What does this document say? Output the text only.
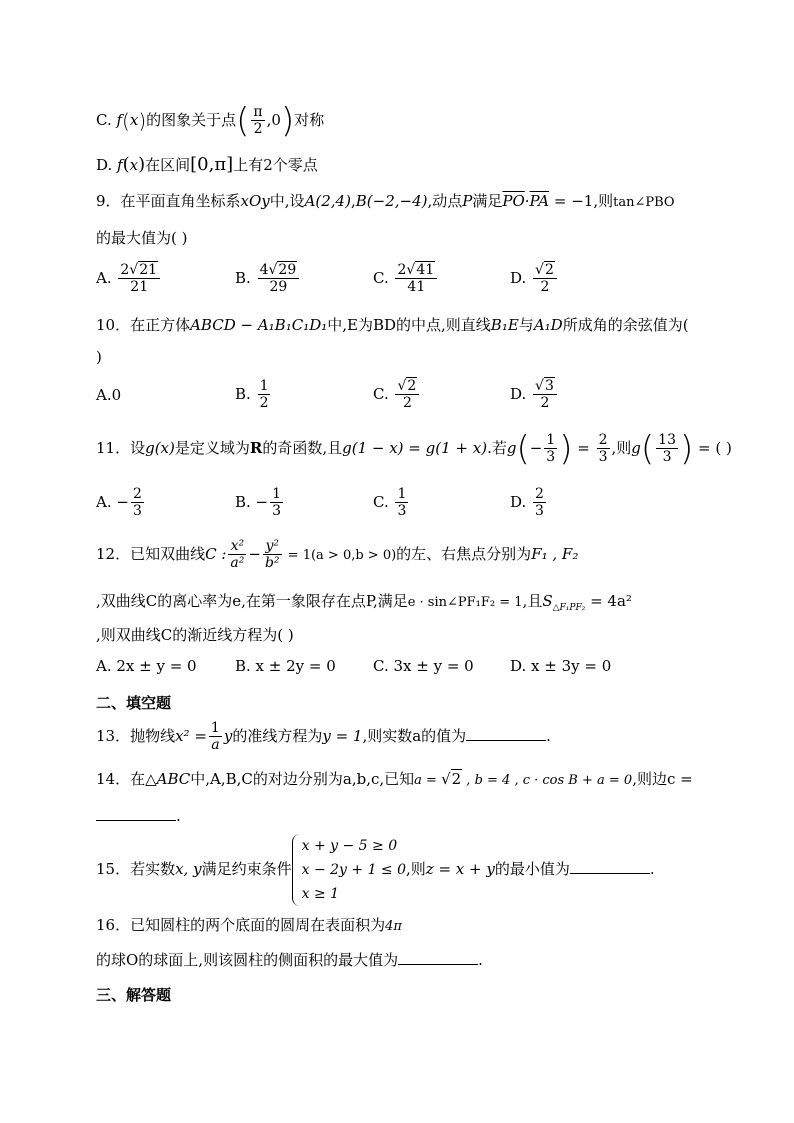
C. f(x)的图象关于点( $\frac{\pi}{2} ,0$)对称
D. f(x)在区间[0,π]上有2个零点
9．在平面直角坐标系xOy中,设A(2,4),B(−2,−4),动点P满足$\overline{PO}\cdot\overline{PA} = -1$,则tan∠PBO
的最大值为( )
A. $\frac{2√21}{21}$	B. $\frac{4√29}{29}$	C. $\frac{2√41}{41}$	D. $\frac{√2}{2}$
10．在正方体ABCD − A₁B₁C₁D₁中,E为BD的中点,则直线B₁E与A₁D所成角的余弦值为(
)
A.0	B. $\frac{1}{2}$	C. $\frac{√2}{2}$	D. $\frac{√3}{2}$
11．设g(x)是定义域为R的奇函数,且g(1 − x) = g(1 + x).若$g(- \frac{1}{3}$ ) = $\frac{2}{3}$ ,则$g( \frac{13}{3}$ ) = ( )
A. − $\frac{2}{3}$	B. − $\frac{1}{3}$	C. $\frac{1}{3}$	D. $\frac{2}{3}$
12．已知双曲线C : $\frac{\text{x²}}{\text{a²}} - \frac{\text{y²}}{\text{b²}} = 1(a > 0,b > 0)$的左、右焦点分别为F₁ , F₂
,双曲线C的离心率为e,在第一象限存在点P,满足e · sin∠PF₁F₂ = 1,且$S_{\triangle F_1PF_2} = 4a^2$
,则双曲线C的渐近线方程为( )
A. 2x ± y = 0	B. x ± 2y = 0 C. 3x ± y = 0 D. x ± 3y = 0
二、填空题
13．抛物线$x^2 = \frac{1}{a}$ y的准线方程为y = 1,则实数a的值为	.
14．在△ABC中,A,B,C的对边分别为a,b,c,已知a = √2 , b = 4 , c · cos B + a = 0,则边c =
.
15．若实数x, y满足约束条件
x + y − 5 ≥ 0
x − 2y + 1 ≤ 0
x ≥ 1
,则z = x + y的最小值为	.
16．已知圆柱的两个底面的圆周在表面积为4π
的球O的球面上,则该圆柱的侧面积的最大值为	.
三、解答题
